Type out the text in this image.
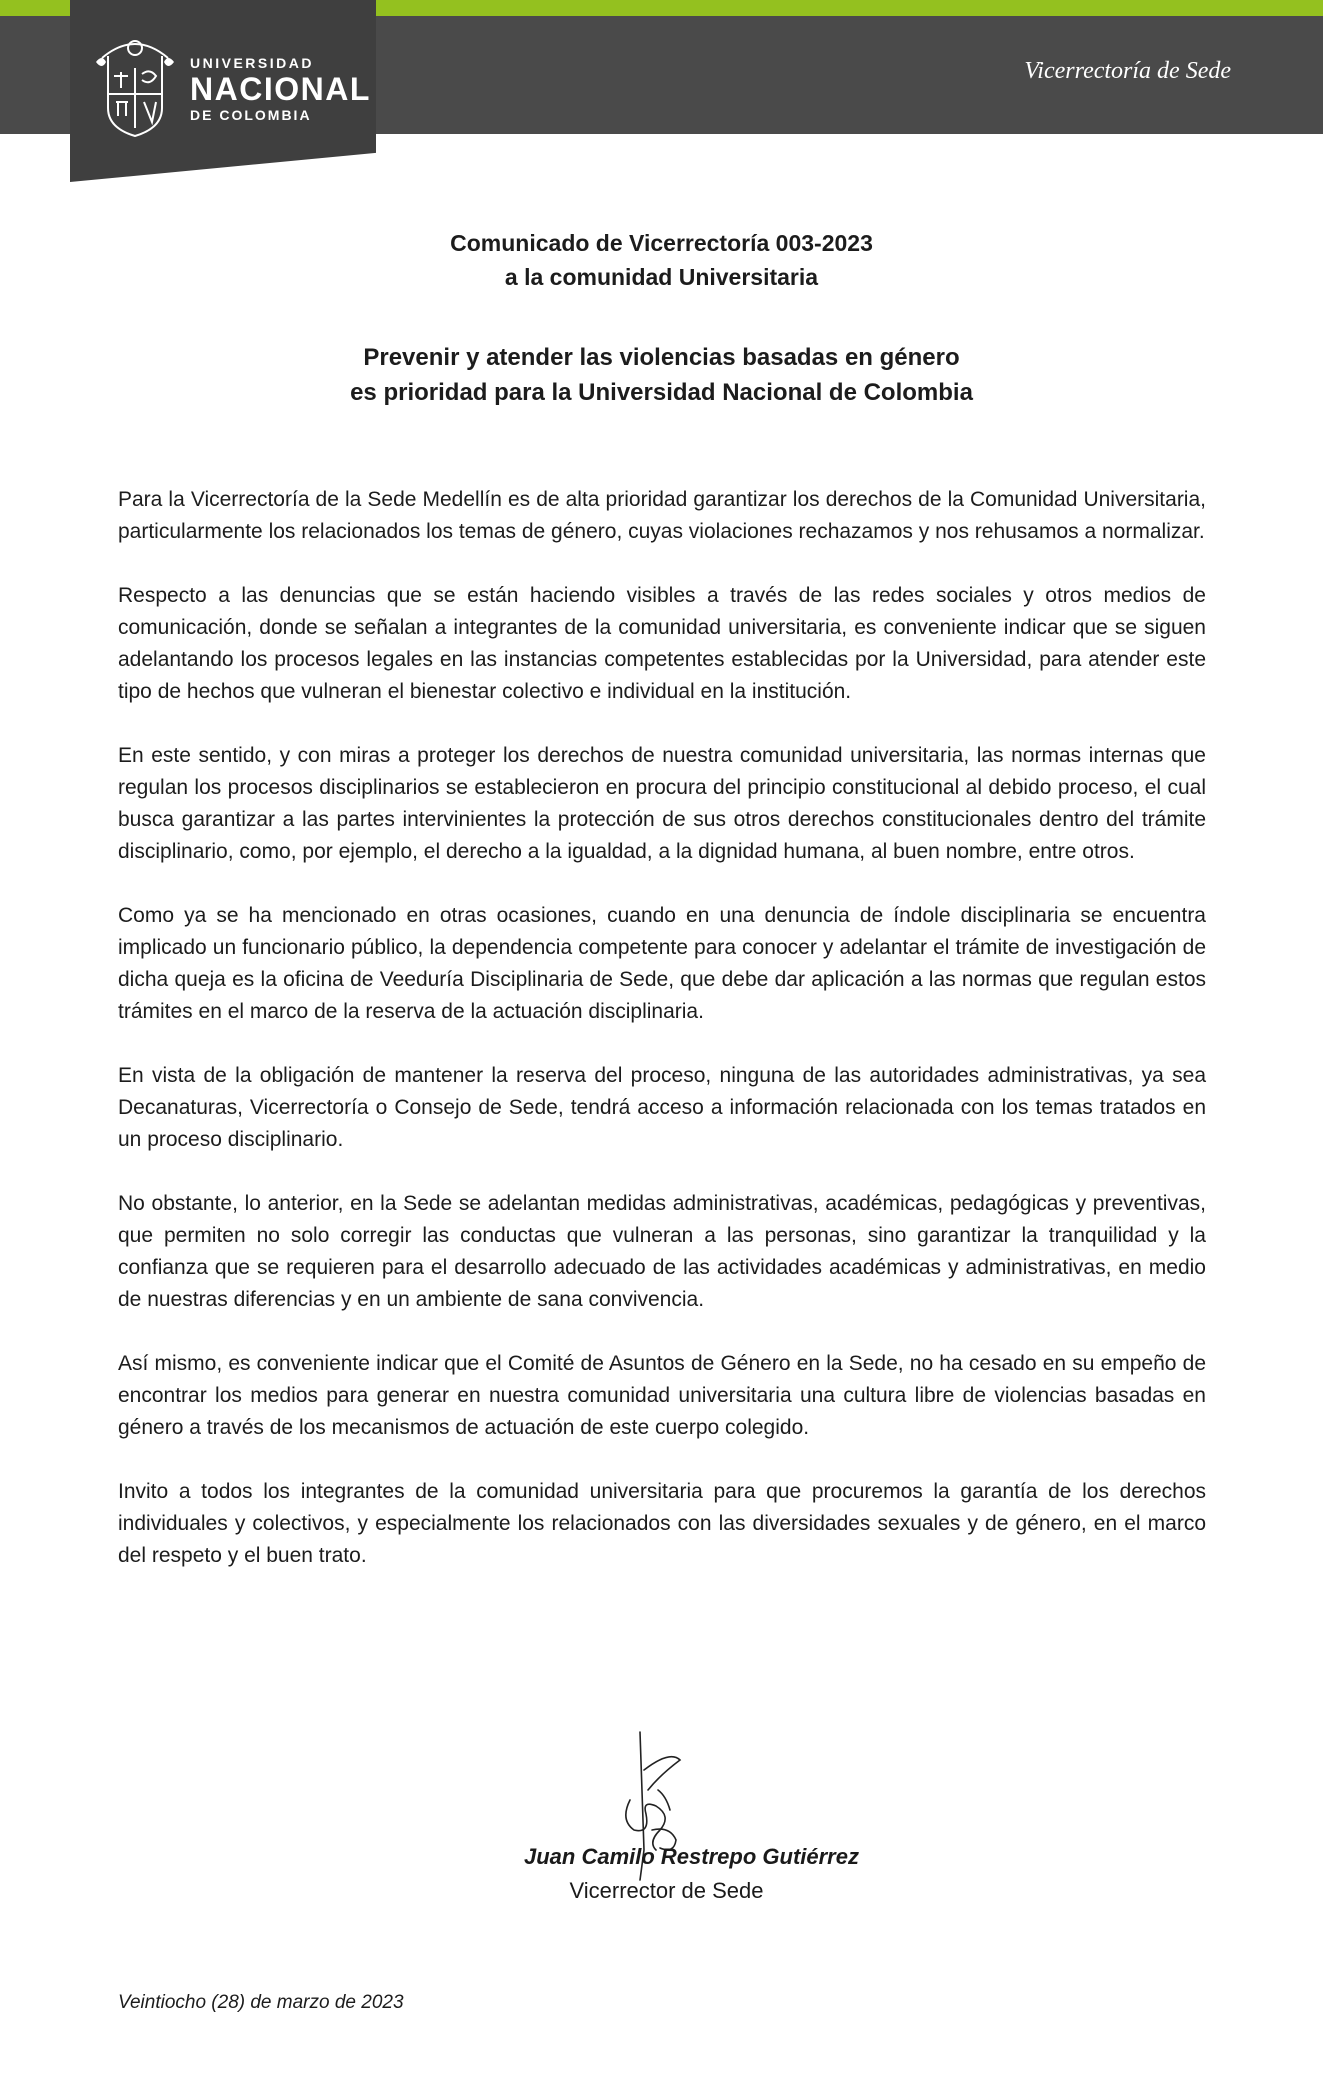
UNIVERSIDAD
NACIONAL
DE COLOMBIA
Vicerrectoría de Sede
Comunicado de Vicerrectoría 003-2023
a la comunidad Universitaria
Prevenir y atender las violencias basadas en género
es prioridad para la Universidad Nacional de Colombia

Para la Vicerrectoría de la Sede Medellín es de alta prioridad garantizar los derechos de la Comunidad Universitaria, particularmente los relacionados los temas de género, cuyas violaciones rechazamos y nos rehusamos a normalizar.

Respecto a las denuncias que se están haciendo visibles a través de las redes sociales y otros medios de comunicación, donde se señalan a integrantes de la comunidad universitaria, es conveniente indicar que se siguen adelantando los procesos legales en las instancias competentes establecidas por la Universidad, para atender este tipo de hechos que vulneran el bienestar colectivo e individual en la institución.

En este sentido, y con miras a proteger los derechos de nuestra comunidad universitaria, las normas internas que regulan los procesos disciplinarios se establecieron en procura del principio constitucional al debido proceso, el cual busca garantizar a las partes intervinientes la protección de sus otros derechos constitucionales dentro del trámite disciplinario, como, por ejemplo, el derecho a la igualdad, a la dignidad humana, al buen nombre, entre otros.

Como ya se ha mencionado en otras ocasiones, cuando en una denuncia de índole disciplinaria se encuentra implicado un funcionario público, la dependencia competente para conocer y adelantar el trámite de investigación de dicha queja es la oficina de Veeduría Disciplinaria de Sede, que debe dar aplicación a las normas que regulan estos trámites en el marco de la reserva de la actuación disciplinaria.

En vista de la obligación de mantener la reserva del proceso, ninguna de las autoridades administrativas, ya sea Decanaturas, Vicerrectoría o Consejo de Sede, tendrá acceso a información relacionada con los temas tratados en un proceso disciplinario.

No obstante, lo anterior, en la Sede se adelantan medidas administrativas, académicas, pedagógicas y preventivas, que permiten no solo corregir las conductas que vulneran a las personas, sino garantizar la tranquilidad y la confianza que se requieren para el desarrollo adecuado de las actividades académicas y administrativas, en medio de nuestras diferencias y en un ambiente de sana convivencia.

Así mismo, es conveniente indicar que el Comité de Asuntos de Género en la Sede, no ha cesado en su empeño de encontrar los medios para generar en nuestra comunidad universitaria una cultura libre de violencias basadas en género a través de los mecanismos de actuación de este cuerpo colegido.

Invito a todos los integrantes de la comunidad universitaria para que procuremos la garantía de los derechos individuales y colectivos, y especialmente los relacionados con las diversidades sexuales y de género, en el marco del respeto y el buen trato.

Juan Camilo Restrepo Gutiérrez
Vicerrector de Sede
Veintiocho (28) de marzo de 2023
